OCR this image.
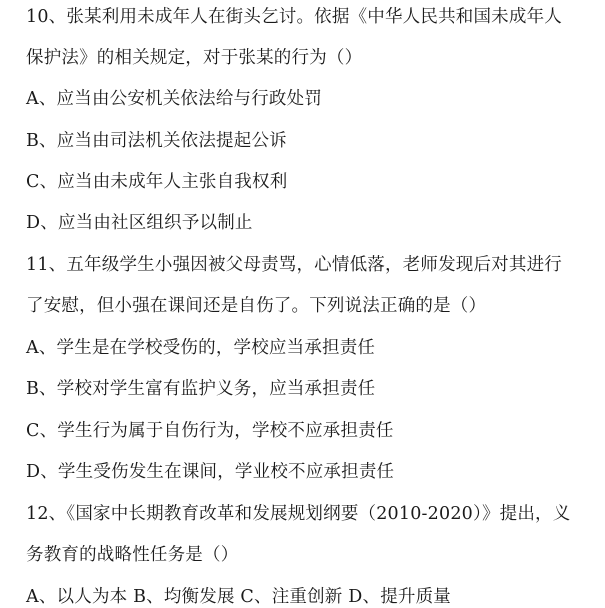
10、张某利用未成年人在街头乞讨。依据《中华人民共和国未成年人
保护法》的相关规定，对于张某的行为（）
A、应当由公安机关依法给与行政处罚
B、应当由司法机关依法提起公诉
C、应当由未成年人主张自我权利
D、应当由社区组织予以制止
11、五年级学生小强因被父母责骂，心情低落，老师发现后对其进行
了安慰，但小强在课间还是自伤了。下列说法正确的是（）
A、学生是在学校受伤的，学校应当承担责任
B、学校对学生富有监护义务，应当承担责任
C、学生行为属于自伤行为，学校不应承担责任
D、学生受伤发生在课间，学业校不应承担责任
12、《国家中长期教育改革和发展规划纲要（2010-2020）》提出，义
务教育的战略性任务是（）
A、以人为本 B、均衡发展 C、注重创新 D、提升质量
